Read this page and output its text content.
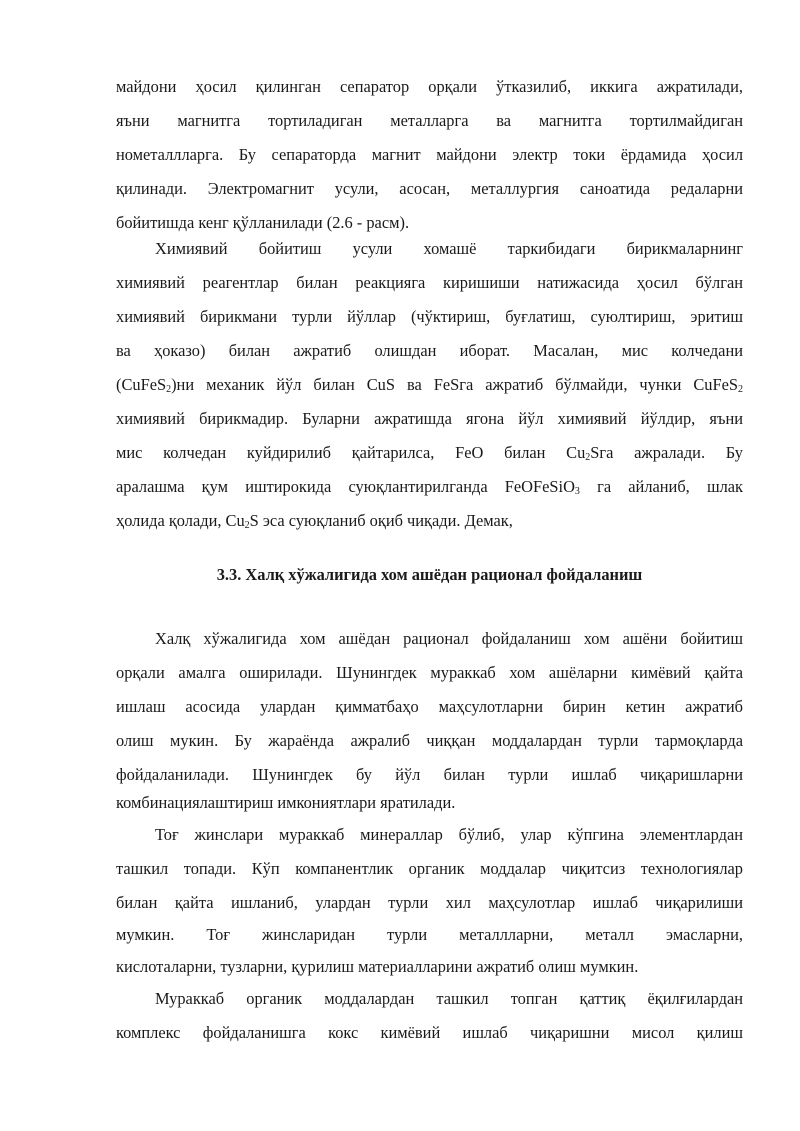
майдони ҳосил қилинган сепаратор орқали ўтказилиб, иккига ажратилади,
яъни магнитга тортиладиган металларга ва магнитга тортилмайдиган
нометаллларга. Бу сепараторда магнит майдони электр токи ёрдамида ҳосил
қилинади. Электромагнит усули, асосан, металлургия саноатида редаларни
бойитишда кенг қўлланилади (2.6 - расм).
Химиявий бойитиш усули хомашё таркибидаги бирикмаларнинг
химиявий реагентлар билан реакцияга киришиши натижасида ҳосил бўлган
химиявий бирикмани турли йўллар (чўктириш, буғлатиш, суюлтириш, эритиш
ва ҳоказо) билан ажратиб олишдан иборат. Масалан, мис колчедани
(CuFeS$_2$)ни механик йўл билан CuS ва FeSга ажратиб бўлмайди, чунки CuFeS$_2$
химиявий бирикмадир. Буларни ажратишда ягона йўл химиявий йўлдир, яъни
мис колчедан куйдирилиб қайтарилса, FeO билан $Cu_2Sга$ ажралади. Бу
аралашма қум иштирокида суюқлантирилганда FeOFeSiO$_3$ га айланиб, шлак
ҳолида қолади, $Cu_2S$ эса суюқланиб оқиб чиқади. Демак,
3.3. Халқ хўжалигида хом ашёдан рационал фойдаланиш
Халқ хўжалигида хом ашёдан рационал фойдаланиш хом ашёни бойитиш
орқали амалга оширилади. Шунингдек мураккаб хом ашёларни кимёвий қайта
ишлаш асосида улардан қимматбаҳо маҳсулотларни бирин кетин ажратиб
олиш мукин. Бу жараёнда ажралиб чиққан моддалардан турли тармоқларда
фойдаланилади. Шунингдек бу йўл билан турли ишлаб чиқаришларни
комбинациялаштириш имкониятлари яратилади.
Тоғ жинслари мураккаб минераллар бўлиб, улар кўпгина элементлардан
ташкил топади. Кўп компанентлик органик моддалар чиқитсиз технологиялар
билан қайта ишланиб, улардан турли хил маҳсулотлар ишлаб чиқарилиши
мумкин. Тоғ жинсларидан турли металлларни, металл эмасларни,
кислоталарни, тузларни, қурилиш материалларини ажратиб олиш мумкин.
Мураккаб органик моддалардан ташкил топган қаттиқ ёқилғилардан
комплекс фойдаланишга кокс кимёвий ишлаб чиқаришни мисол қилиш
